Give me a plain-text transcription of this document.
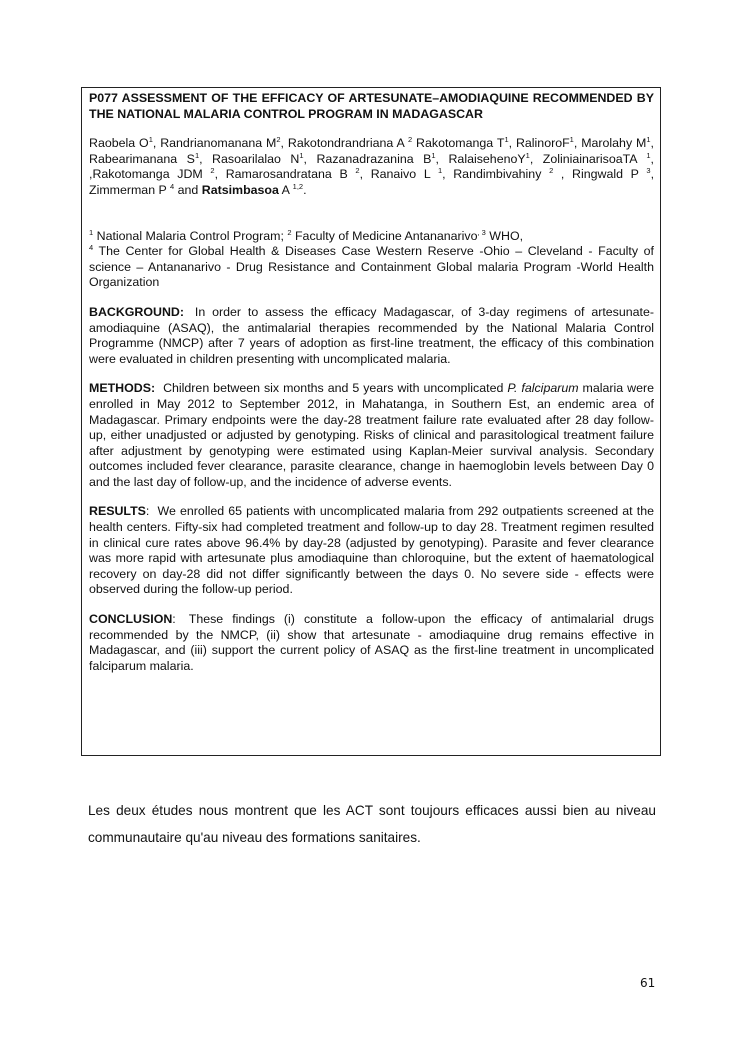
P077 ASSESSMENT OF THE EFFICACY OF ARTESUNATE–AMODIAQUINE RECOMMENDED BY THE NATIONAL MALARIA CONTROL PROGRAM IN MADAGASCAR

Raobela $O^1$, Randrianomanana $M^2$, Rakotondrandriana A $^2$ Rakotomanga $T^1$, RalinoroF$^1$, Marolahy $M^1$, Rabearimanana $S^1$, Rasoarilalao $N^1$, Razanadrazanina $B^1$, RalaisehenoY$^1$, ZoliniainarisoaTA $^1$, ,Rakotomanga JDM $^2$, Ramarosandratana B $^2$, Ranaivo L $^1$, Randimbivahiny $^2$ , Ringwald P $^3$, Zimmerman P $^4$ and Ratsimbasoa A $^{1,2}$.

$^1$ National Malaria Control Program; $^2$ Faculty of Medicine Antananarivo$^{, 3}$ WHO,
$^4$ The Center for Global Health & Diseases Case Western Reserve -Ohio – Cleveland - Faculty of science – Antananarivo - Drug Resistance and Containment Global malaria Program -World Health Organization

BACKGROUND: In order to assess the efficacy Madagascar, of 3-day regimens of artesunate-amodiaquine (ASAQ), the antimalarial therapies recommended by the National Malaria Control Programme (NMCP) after 7 years of adoption as first-line treatment, the efficacy of this combination were evaluated in children presenting with uncomplicated malaria.

METHODS: Children between six months and 5 years with uncomplicated P. falciparum malaria were enrolled in May 2012 to September 2012, in Mahatanga, in Southern Est, an endemic area of Madagascar. Primary endpoints were the day-28 treatment failure rate evaluated after 28 day follow-up, either unadjusted or adjusted by genotyping. Risks of clinical and parasitological treatment failure after adjustment by genotyping were estimated using Kaplan-Meier survival analysis. Secondary outcomes included fever clearance, parasite clearance, change in haemoglobin levels between Day 0 and the last day of follow-up, and the incidence of adverse events.

RESULTS: We enrolled 65 patients with uncomplicated malaria from 292 outpatients screened at the health centers. Fifty-six had completed treatment and follow-up to day 28. Treatment regimen resulted in clinical cure rates above 96.4% by day-28 (adjusted by genotyping). Parasite and fever clearance was more rapid with artesunate plus amodiaquine than chloroquine, but the extent of haematological recovery on day-28 did not differ significantly between the days 0. No severe side - effects were observed during the follow-up period.

CONCLUSION: These findings (i) constitute a follow-upon the efficacy of antimalarial drugs recommended by the NMCP, (ii) show that artesunate - amodiaquine drug remains effective in Madagascar, and (iii) support the current policy of ASAQ as the first-line treatment in uncomplicated falciparum malaria.

Les deux études nous montrent que les ACT sont toujours efficaces aussi bien au niveau communautaire qu'au niveau des formations sanitaires.

61
